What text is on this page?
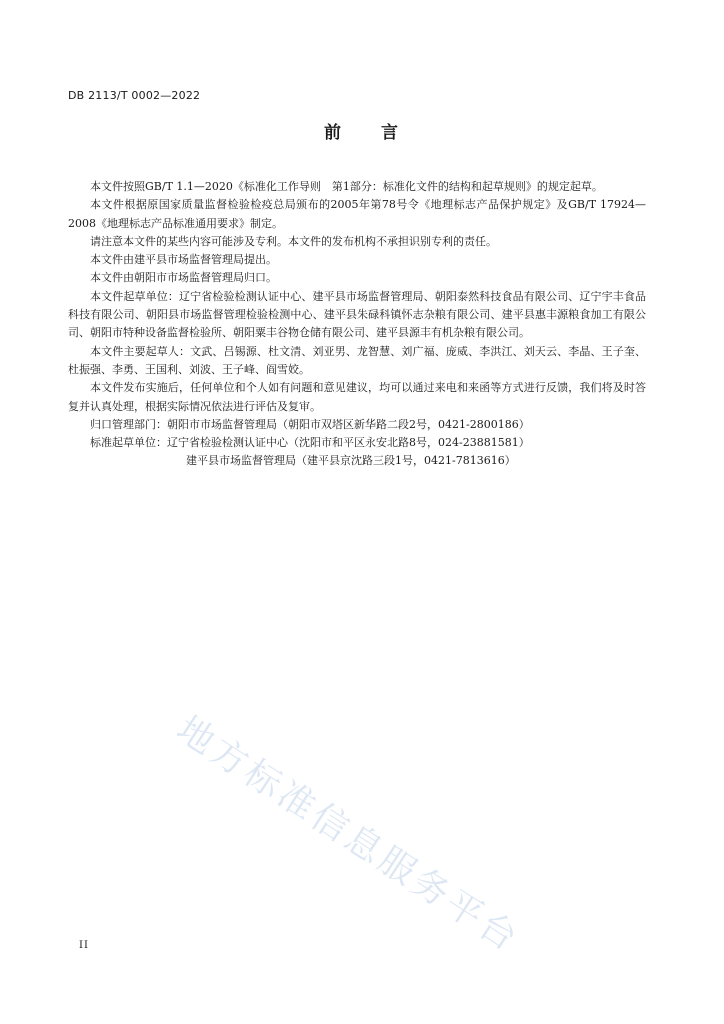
DB 2113/T 0002—2022
前　　言

本文件按照GB/T 1.1—2020《标准化工作导则　第1部分：标准化文件的结构和起草规则》的规定起草。

本文件根据原国家质量监督检验检疫总局颁布的2005年第78号令《地理标志产品保护规定》及GB/T 17924—2008《地理标志产品标准通用要求》制定。

请注意本文件的某些内容可能涉及专利。本文件的发布机构不承担识别专利的责任。

本文件由建平县市场监督管理局提出。

本文件由朝阳市市场监督管理局归口。

本文件起草单位：辽宁省检验检测认证中心、建平县市场监督管理局、朝阳泰然科技食品有限公司、辽宁宇丰食品科技有限公司、朝阳县市场监督管理检验检测中心、建平县朱碌科镇怀志杂粮有限公司、建平县惠丰源粮食加工有限公司、朝阳市特种设备监督检验所、朝阳粟丰谷物仓储有限公司、建平县源丰有机杂粮有限公司。

本文件主要起草人：文武、吕锡源、杜文清、刘亚男、龙智慧、刘广福、庞威、李洪江、刘天云、李晶、王子奎、杜振强、李勇、王国利、刘波、王子峰、阎雪姣。

本文件发布实施后，任何单位和个人如有问题和意见建议，均可以通过来电和来函等方式进行反馈，我们将及时答复并认真处理，根据实际情况依法进行评估及复审。

归口管理部门：朝阳市市场监督管理局（朝阳市双塔区新华路二段2号，0421-2800186）

标准起草单位：辽宁省检验检测认证中心（沈阳市和平区永安北路8号，024-23881581）

建平县市场监督管理局（建平县京沈路三段1号，0421-7813616）

地方标准信息服务平台
II
